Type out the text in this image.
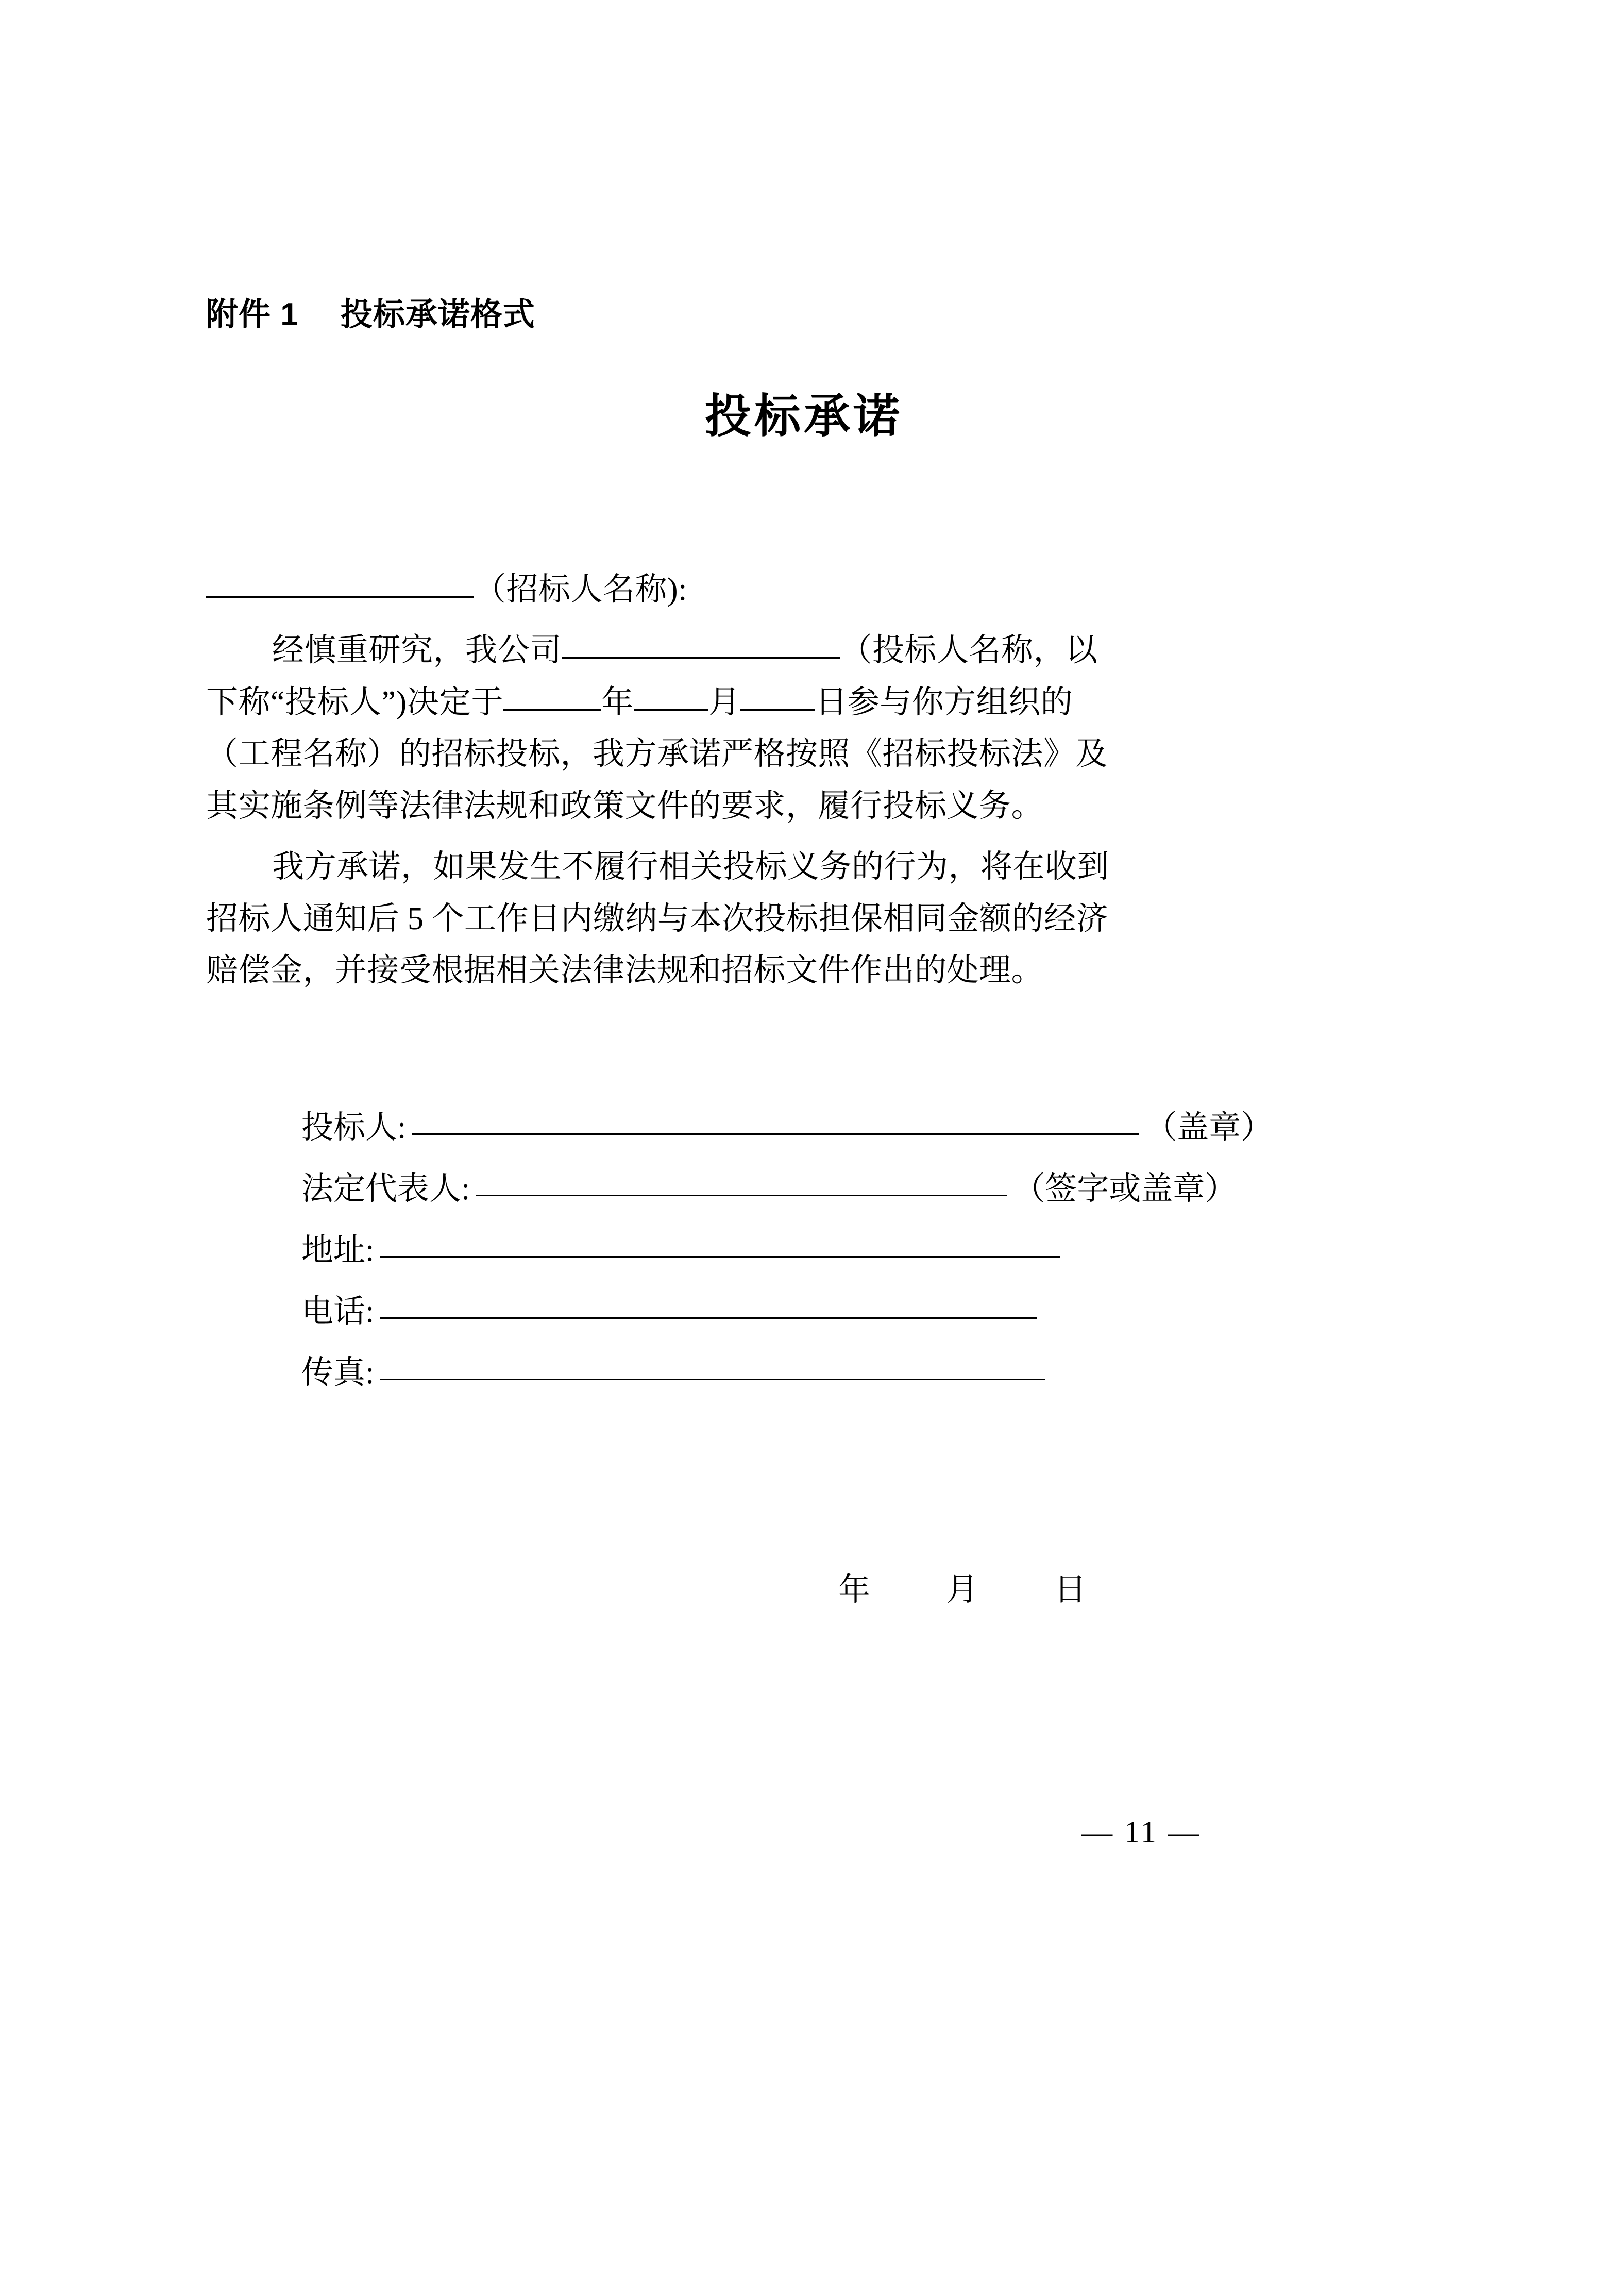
附件 1　 投标承诺格式
投标承诺
（招标人名称):
经慎重研究，我公司	（投标人名称，以
下称“投标人”)决定于	年 月 日参与你方组织的
（工程名称）的招标投标，我方承诺严格按照《招标投标法》及
其实施条例等法律法规和政策文件的要求，履行投标义务。
我方承诺，如果发生不履行相关投标义务的行为，将在收到
招标人通知后 5 个工作日内缴纳与本次投标担保相同金额的经济
赔偿金，并接受根据相关法律法规和招标文件作出的处理。
投标人:	（盖章）
法定代表人:	（签字或盖章）
地址:
电话:
传真:
年　　 月　　 日
— 11 —
